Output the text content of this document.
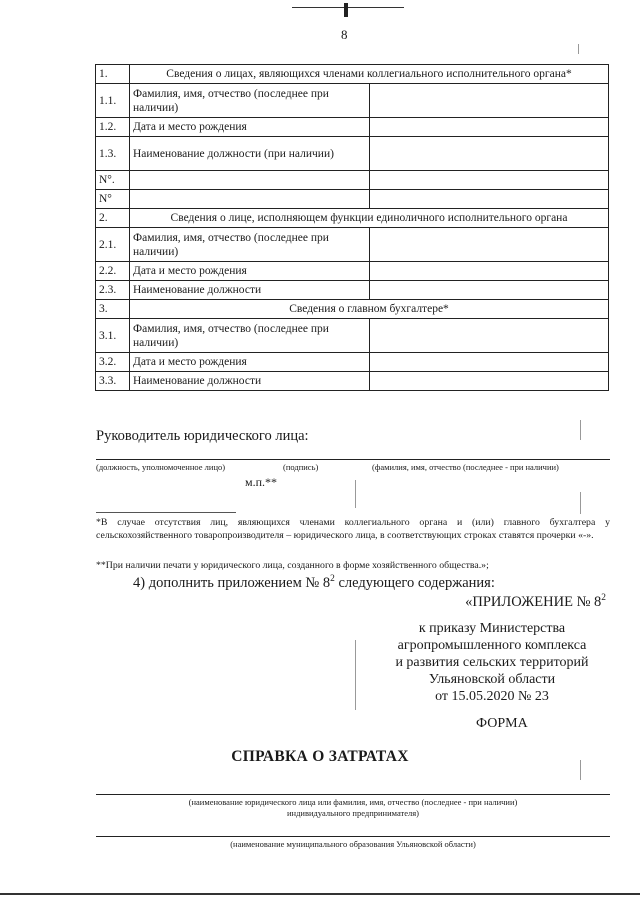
8
1.	Сведения о лицах, являющихся членами коллегиального исполнительного органа*	
1.1.	Фамилия, имя, отчество (последнее при наличии)	
1.2.	Дата и место рождения	
1.3.	Наименование должности (при наличии)	
N°.		
N°		
2.	Сведения о лице, исполняющем функции единоличного исполнительного органа	
2.1.	Фамилия, имя, отчество (последнее при наличии)	
2.2.	Дата и место рождения	
2.3.	Наименование должности	
3.	Сведения о главном бухгалтере*	
3.1.	Фамилия, имя, отчество (последнее при наличии)	
3.2.	Дата и место рождения	
3.3.	Наименование должности	
Руководитель юридического лица:
(должность, уполномоченное лицо)	(подпись)	(фамилия, имя, отчество (последнее - при наличии)
м.п.**
*В случае отсутствия лиц, являющихся членами коллегиального органа и (или) главного бухгалтера у сельскохозяйственного товаропроизводителя – юридического лица, в соответствующих строках ставятся прочерки «-».
**При наличии печати у юридического лица, созданного в форме хозяйственного общества.»;
4) дополнить приложением № $8^2$ следующего содержания:
«ПРИЛОЖЕНИЕ № $8^2$
к приказу Министерства
агропромышленного комплекса
и развития сельских территорий
Ульяновской области
от 15.05.2020 № 23
ФОРМА
СПРАВКА О ЗАТРАТАХ
(наименование юридического лица или фамилия, имя, отчество (последнее - при наличии)
индивидуального предпринимателя)
(наименование муниципального образования Ульяновской области)
